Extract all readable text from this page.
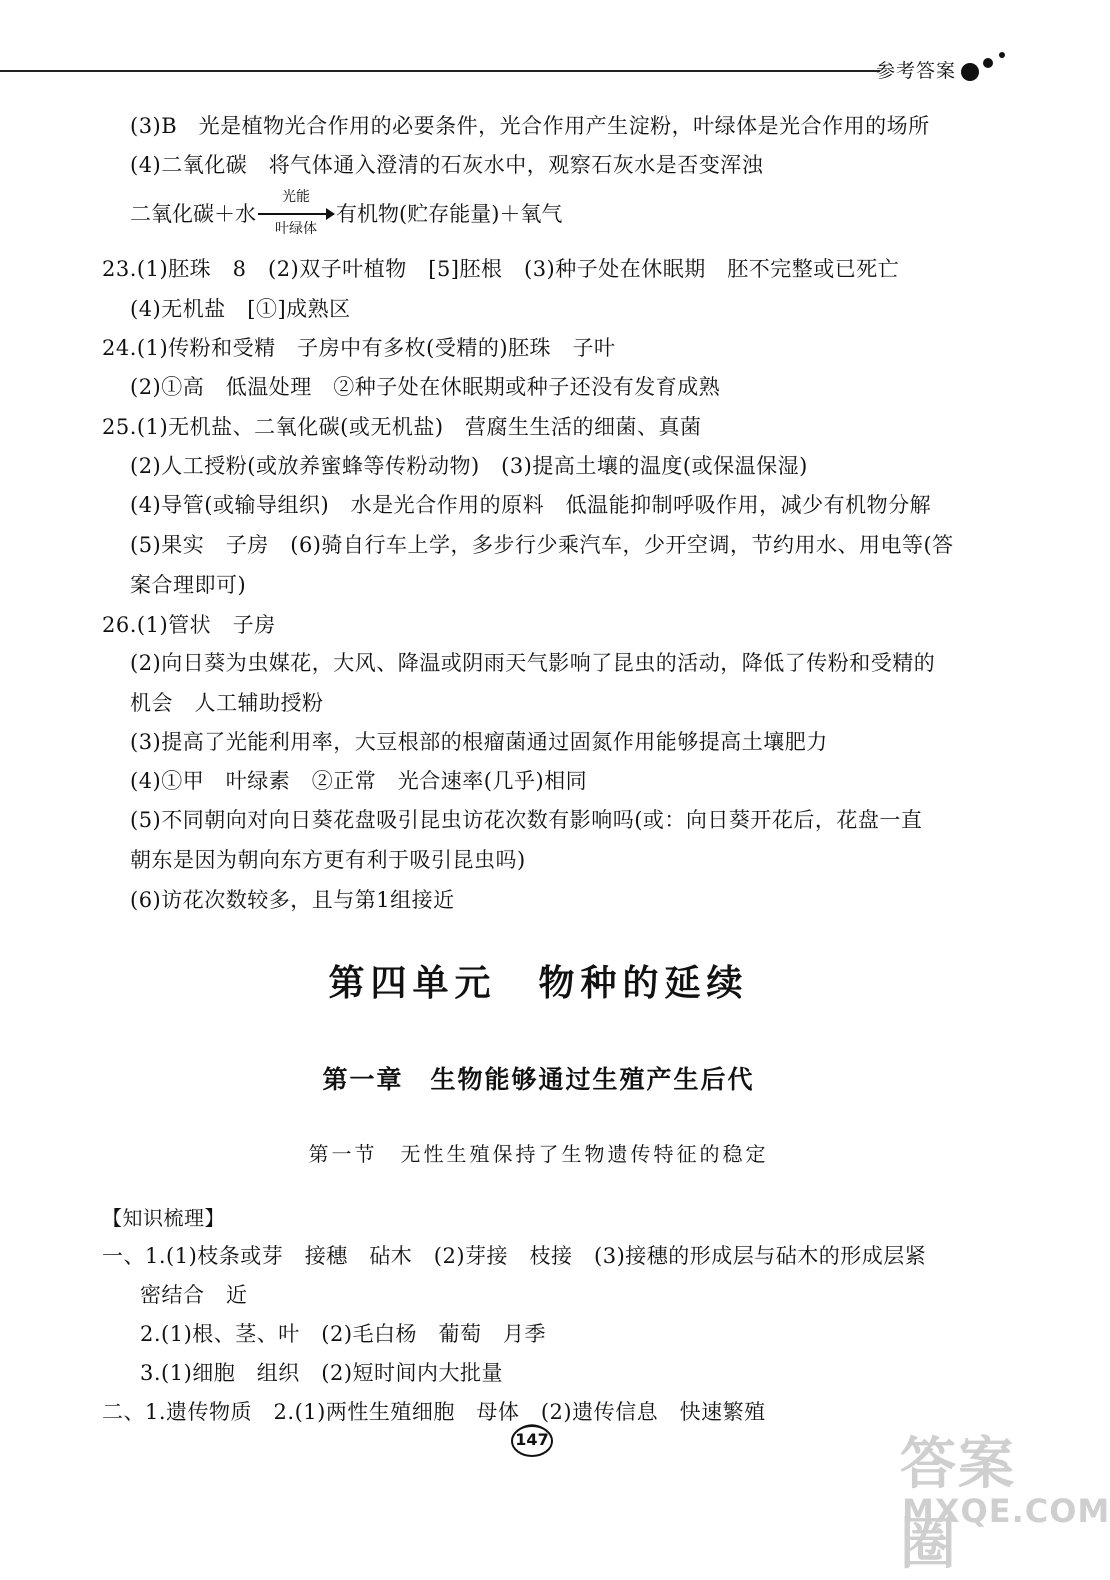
参考答案
(3)B　光是植物光合作用的必要条件，光合作用产生淀粉，叶绿体是光合作用的场所
(4)二氧化碳　将气体通入澄清的石灰水中，观察石灰水是否变浑浊
二氧化碳＋水
光能
叶绿体
有机物(贮存能量)＋氧气
23.(1)胚珠　8　(2)双子叶植物　[5]胚根　(3)种子处在休眠期　胚不完整或已死亡
(4)无机盐　[①]成熟区
24.(1)传粉和受精　子房中有多枚(受精的)胚珠　子叶
(2)①高　低温处理　②种子处在休眠期或种子还没有发育成熟
25.(1)无机盐、二氧化碳(或无机盐)　营腐生生活的细菌、真菌
(2)人工授粉(或放养蜜蜂等传粉动物)　(3)提高土壤的温度(或保温保湿)
(4)导管(或输导组织)　水是光合作用的原料　低温能抑制呼吸作用，减少有机物分解
(5)果实　子房　(6)骑自行车上学，多步行少乘汽车，少开空调，节约用水、用电等(答
案合理即可)
26.(1)管状　子房
(2)向日葵为虫媒花，大风、降温或阴雨天气影响了昆虫的活动，降低了传粉和受精的
机会　人工辅助授粉
(3)提高了光能利用率，大豆根部的根瘤菌通过固氮作用能够提高土壤肥力
(4)①甲　叶绿素　②正常　光合速率(几乎)相同
(5)不同朝向对向日葵花盘吸引昆虫访花次数有影响吗(或：向日葵开花后，花盘一直
朝东是因为朝向东方更有利于吸引昆虫吗)
(6)访花次数较多，且与第1组接近
第四单元　物种的延续
第一章　生物能够通过生殖产生后代
第一节　无性生殖保持了生物遗传特征的稳定
【知识梳理】
一、1.(1)枝条或芽　接穗　砧木　(2)芽接　枝接　(3)接穗的形成层与砧木的形成层紧
密结合　近
2.(1)根、茎、叶　(2)毛白杨　葡萄　月季
3.(1)细胞　组织　(2)短时间内大批量
二、1.遗传物质　2.(1)两性生殖细胞　母体　(2)遗传信息　快速繁殖
147	答案圈
MXQE.COM
